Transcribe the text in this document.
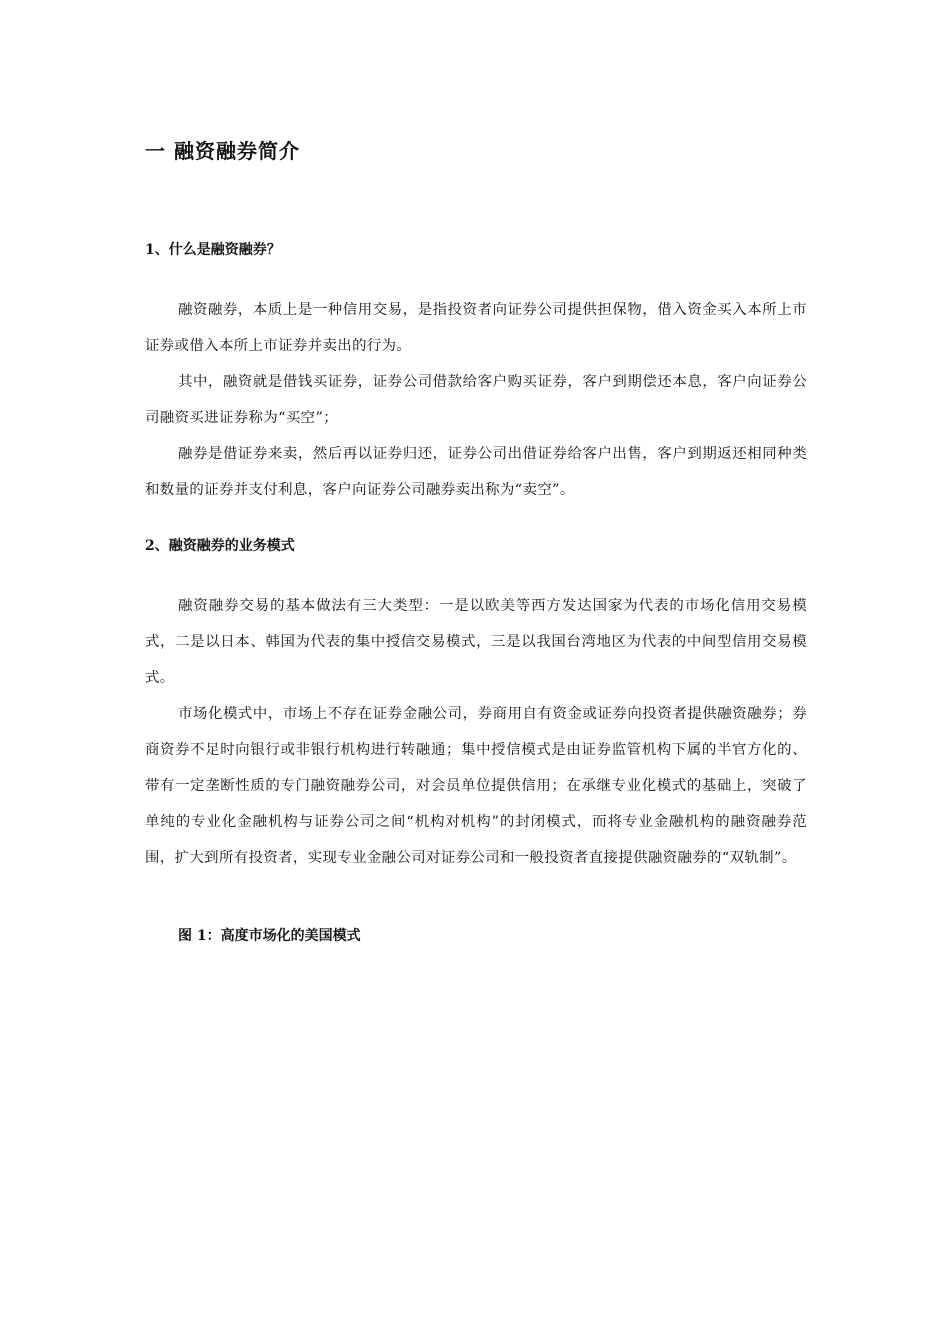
一 融资融券简介
1、什么是融资融券？

融资融券，本质上是一种信用交易，是指投资者向证券公司提供担保物，借入资金买入本所上市证券或借入本所上市证券并卖出的行为。

其中，融资就是借钱买证券，证券公司借款给客户购买证券，客户到期偿还本息，客户向证券公司融资买进证券称为“买空”；

融券是借证券来卖，然后再以证券归还，证券公司出借证券给客户出售，客户到期返还相同种类和数量的证券并支付利息，客户向证券公司融券卖出称为“卖空”。

2、融资融券的业务模式

融资融券交易的基本做法有三大类型：一是以欧美等西方发达国家为代表的市场化信用交易模式，二是以日本、韩国为代表的集中授信交易模式，三是以我国台湾地区为代表的中间型信用交易模式。

市场化模式中，市场上不存在证券金融公司，券商用自有资金或证券向投资者提供融资融券；券商资券不足时向银行或非银行机构进行转融通；集中授信模式是由证券监管机构下属的半官方化的、带有一定垄断性质的专门融资融券公司，对会员单位提供信用；在承继专业化模式的基础上，突破了单纯的专业化金融机构与证券公司之间“机构对机构”的封闭模式，而将专业金融机构的融资融券范围，扩大到所有投资者，实现专业金融公司对证券公司和一般投资者直接提供融资融券的“双轨制”。

图 1：高度市场化的美国模式
